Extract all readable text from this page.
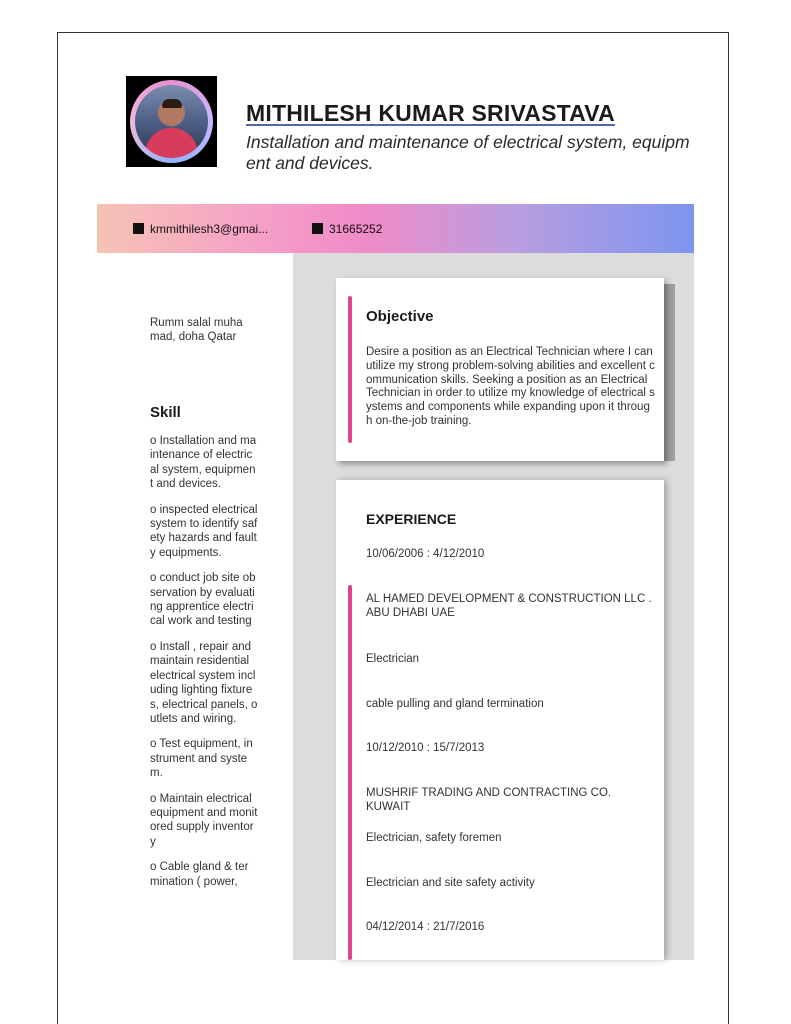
MITHILESH KUMAR SRIVASTAVA
Installation and maintenance of electrical system, equipm ent and devices.
kmmithilesh3@gmai...	31665252
Rumm salal muha mad, doha Qatar
Skill
o Installation and maintenance of electrical system, equipment and devices.
o inspected electrical system to identify safety hazards and faulty equipments.
o conduct job site observation by evaluating apprentice electrical work and testing
o Install , repair and maintain residential electrical system including lighting fixtures, electrical panels, outlets and wiring.
o Test equipment, instrument and system.
o Maintain electrical equipment and monitored supply inventory
o Cable gland & termination ( power,
Objective
Desire a position as an Electrical Technician where I can utilize my strong problem-solving abilities and excellent communication skills. Seeking a position as an Electrical Technician in order to utilize my knowledge of electrical systems and components while expanding upon it through on-the-job training.
EXPERIENCE
10/06/2006 : 4/12/2010
AL HAMED DEVELOPMENT & CONSTRUCTION LLC . ABU DHABI UAE
Electrician
cable pulling and gland termination
10/12/2010 : 15/7/2013
MUSHRIF TRADING AND CONTRACTING CO. KUWAIT
Electrician, safety foremen
Electrician and site safety activity
04/12/2014 : 21/7/2016
